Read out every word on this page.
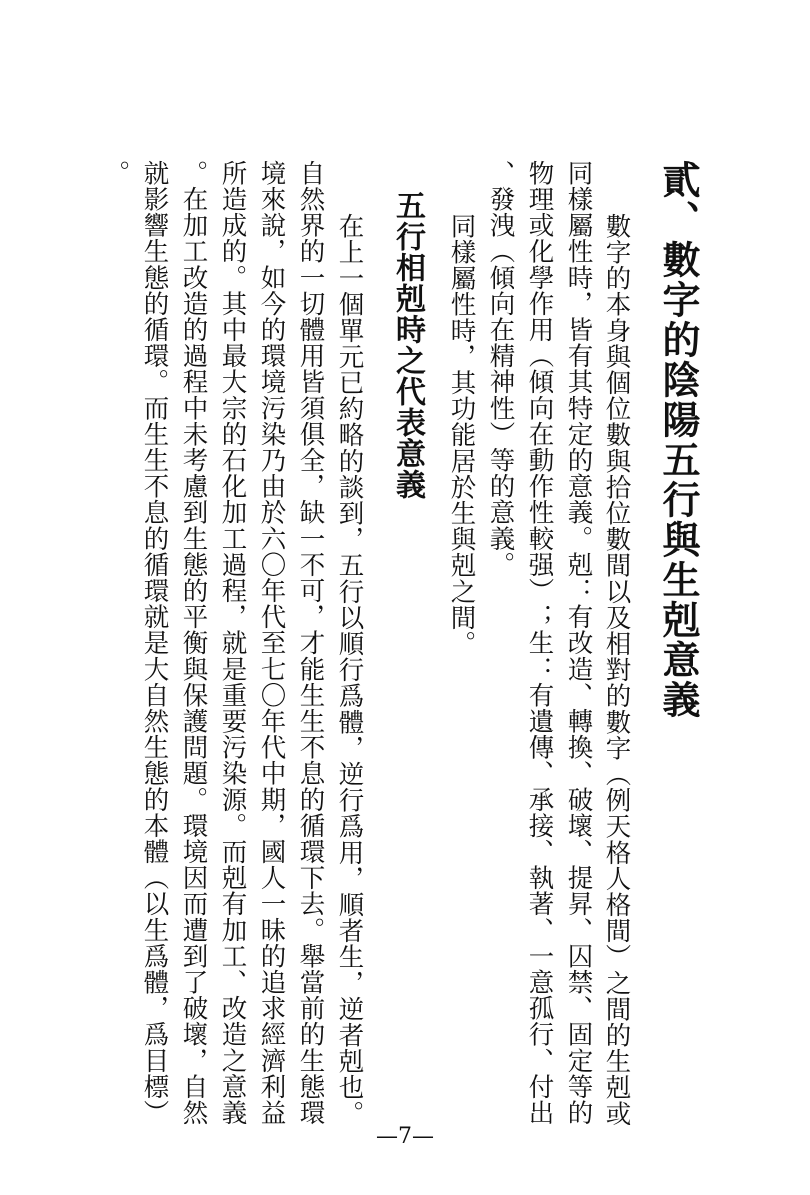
貳、數字的陰陽五行與生剋意義

數字的本身與個位數與拾位數間以及相對的數字（例天格人格間）之間的生剋或

同樣屬性時，皆有其特定的意義。剋：有改造、轉換、破壞、提昇、囚禁、固定等的

物理或化學作用（傾向在動作性較强）；生：有遺傳、承接、執著、一意孤行、付出

、發洩（傾向在精神性）等的意義。

同樣屬性時，其功能居於生與剋之間。

五行相剋時之代表意義

在上一個單元已約略的談到，五行以順行爲體，逆行爲用，順者生，逆者剋也。

自然界的一切體用皆須俱全，缺一不可，才能生生不息的循環下去。舉當前的生態環

境來說，如今的環境污染乃由於六〇年代至七〇年代中期，國人一昧的追求經濟利益

所造成的。其中最大宗的石化加工過程，就是重要污染源。而剋有加工、改造之意義

。在加工改造的過程中未考慮到生態的平衡與保護問題。環境因而遭到了破壞，自然

就影響生態的循環。而生生不息的循環就是大自然生態的本體（以生爲體，爲目標）

。

—7—
